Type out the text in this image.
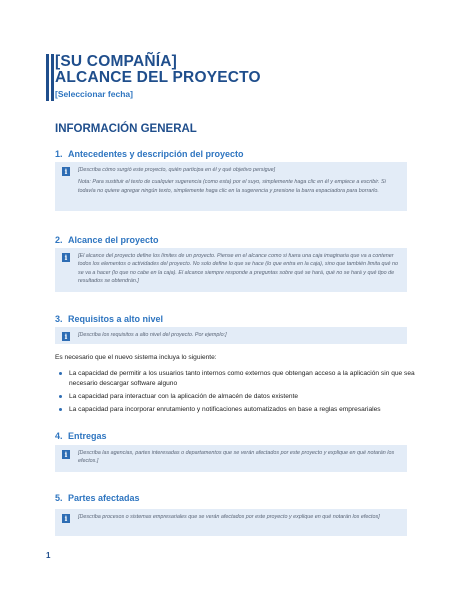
[SU COMPAÑÍA]
ALCANCE DEL PROYECTO
[Seleccionar fecha]
INFORMACIÓN GENERAL
1. Antecedentes y descripción del proyecto
i	[Describa cómo surgió este proyecto, quién participa en él y qué objetivo persigue]

Nota: Para sustituir el texto de cualquier sugerencia (como esta) por el suyo, simplemente haga clic en él y empiece a escribir. Si todavía no quiere agregar ningún texto, simplemente haga clic en la sugerencia y presione la barra espaciadora para borrarlo.

2. Alcance del proyecto
i	[El alcance del proyecto define los límites de un proyecto. Piense en el alcance como si fuera una caja imaginaria que va a contener todos los elementos o actividades del proyecto. No solo define lo que se hace (lo que entra en la caja), sino que también limita qué no se va a hacer (lo que no cabe en la caja). El alcance siempre responde a preguntas sobre qué se hará, qué no se hará y qué tipo de resultados se obtendrán.]

3. Requisitos a alto nivel
i	[Describa los requisitos a alto nivel del proyecto. Por ejemplo:]

Es necesario que el nuevo sistema incluya lo siguiente:
La capacidad de permitir a los usuarios tanto internos como externos que obtengan acceso a la aplicación sin que sea necesario descargar software alguno
La capacidad para interactuar con la aplicación de almacén de datos existente
La capacidad para incorporar enrutamiento y notificaciones automatizados en base a reglas empresariales
4. Entregas
i	[Describa las agencias, partes interesadas o departamentos que se verán afectados por este proyecto y explique en qué notarán los efectos.]

5. Partes afectadas
i	[Describa procesos o sistemas empresariales que se verán afectados por este proyecto y explique en qué notarán los efectos]

1
